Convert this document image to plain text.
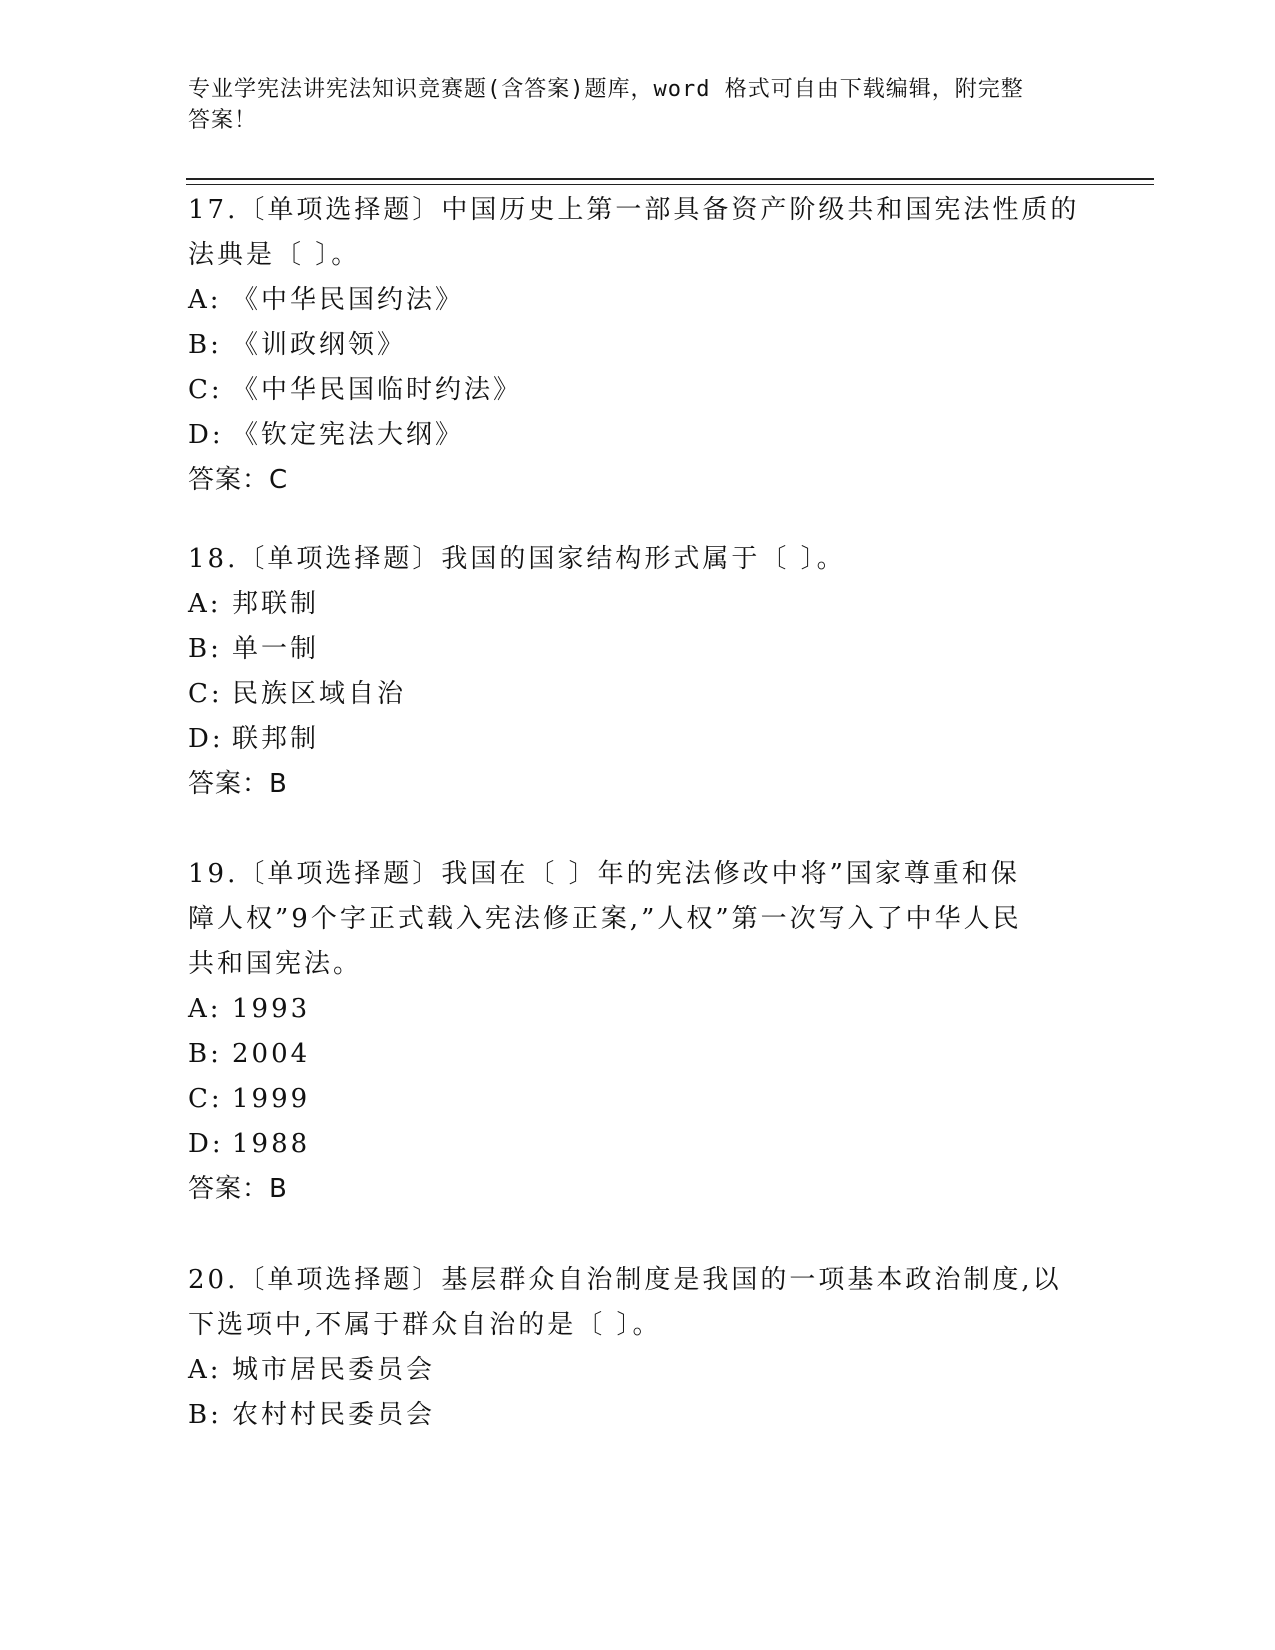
专业学宪法讲宪法知识竞赛题(含答案)题库，word 格式可自由下载编辑，附完整
答案！
17.〔单项选择题〕中国历史上第一部具备资产阶级共和国宪法性质的
法典是〔 〕。
A: 《中华民国约法》
B: 《训政纲领》
C: 《中华民国临时约法》
D: 《钦定宪法大纲》
答案：C
18.〔单项选择题〕我国的国家结构形式属于〔 〕。
A: 邦联制
B: 单一制
C: 民族区域自治
D: 联邦制
答案：B
19.〔单项选择题〕我国在〔 〕年的宪法修改中将”国家尊重和保
障人权”9个字正式载入宪法修正案,”人权”第一次写入了中华人民
共和国宪法。
A: 1993
B: 2004
C: 1999
D: 1988
答案：B
20.〔单项选择题〕基层群众自治制度是我国的一项基本政治制度,以
下选项中,不属于群众自治的是〔 〕。
A: 城市居民委员会
B: 农村村民委员会
